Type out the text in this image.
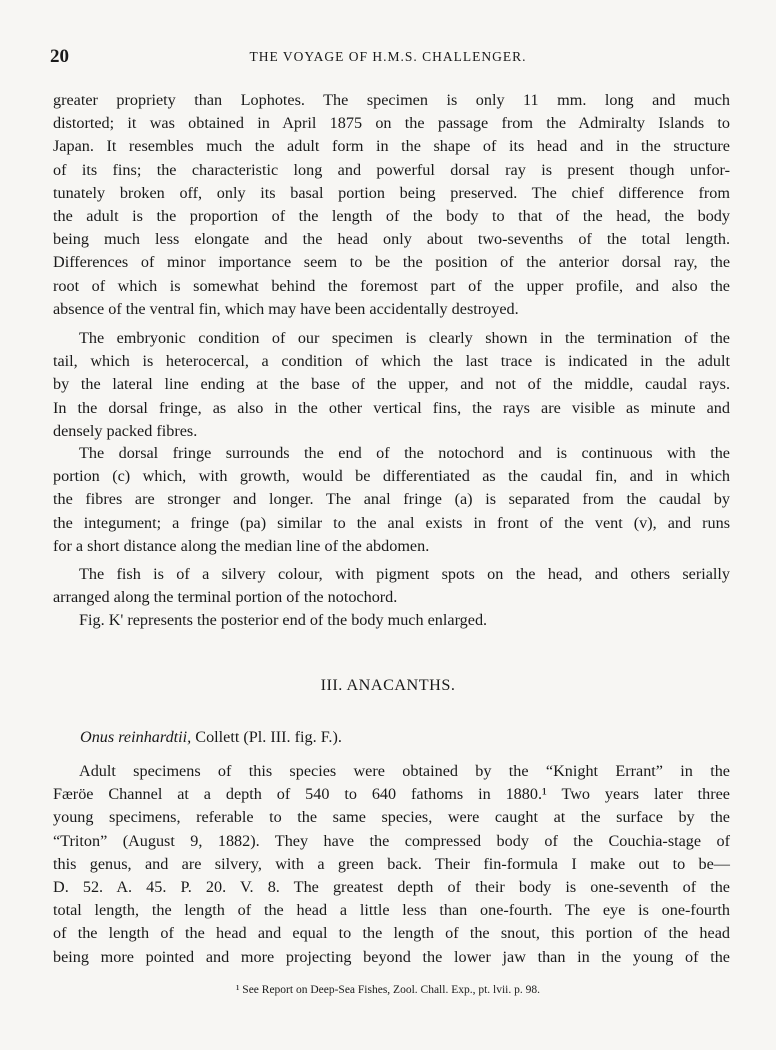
20	THE VOYAGE OF H.M.S. CHALLENGER.

greater propriety than Lophotes. The specimen is only 11 mm. long and much

distorted; it was obtained in April 1875 on the passage from the Admiralty Islands to

Japan. It resembles much the adult form in the shape of its head and in the structure

of its fins; the characteristic long and powerful dorsal ray is present though unfor-

tunately broken off, only its basal portion being preserved. The chief difference from

the adult is the proportion of the length of the body to that of the head, the body

being much less elongate and the head only about two-sevenths of the total length.

Differences of minor importance seem to be the position of the anterior dorsal ray, the

root of which is somewhat behind the foremost part of the upper profile, and also the

absence of the ventral fin, which may have been accidentally destroyed.

The embryonic condition of our specimen is clearly shown in the termination of the

tail, which is heterocercal, a condition of which the last trace is indicated in the adult

by the lateral line ending at the base of the upper, and not of the middle, caudal rays.

In the dorsal fringe, as also in the other vertical fins, the rays are visible as minute and

densely packed fibres.

The dorsal fringe surrounds the end of the notochord and is continuous with the

portion (c) which, with growth, would be differentiated as the caudal fin, and in which

the fibres are stronger and longer. The anal fringe (a) is separated from the caudal by

the integument; a fringe (pa) similar to the anal exists in front of the vent (v), and runs

for a short distance along the median line of the abdomen.

The fish is of a silvery colour, with pigment spots on the head, and others serially

arranged along the terminal portion of the notochord.

Fig. K' represents the posterior end of the body much enlarged.

III. ANACANTHS.
Onus reinhardtii, Collett (Pl. III. fig. F.).

Adult specimens of this species were obtained by the “Knight Errant” in the

Færöe Channel at a depth of 540 to 640 fathoms in 1880.¹ Two years later three

young specimens, referable to the same species, were caught at the surface by the

“Triton” (August 9, 1882). They have the compressed body of the Couchia-stage of

this genus, and are silvery, with a green back. Their fin-formula I make out to be—

D. 52. A. 45. P. 20. V. 8. The greatest depth of their body is one-seventh of the

total length, the length of the head a little less than one-fourth. The eye is one-fourth

of the length of the head and equal to the length of the snout, this portion of the head

being more pointed and more projecting beyond the lower jaw than in the young of the

¹ See Report on Deep-Sea Fishes, Zool. Chall. Exp., pt. lvii. p. 98.
